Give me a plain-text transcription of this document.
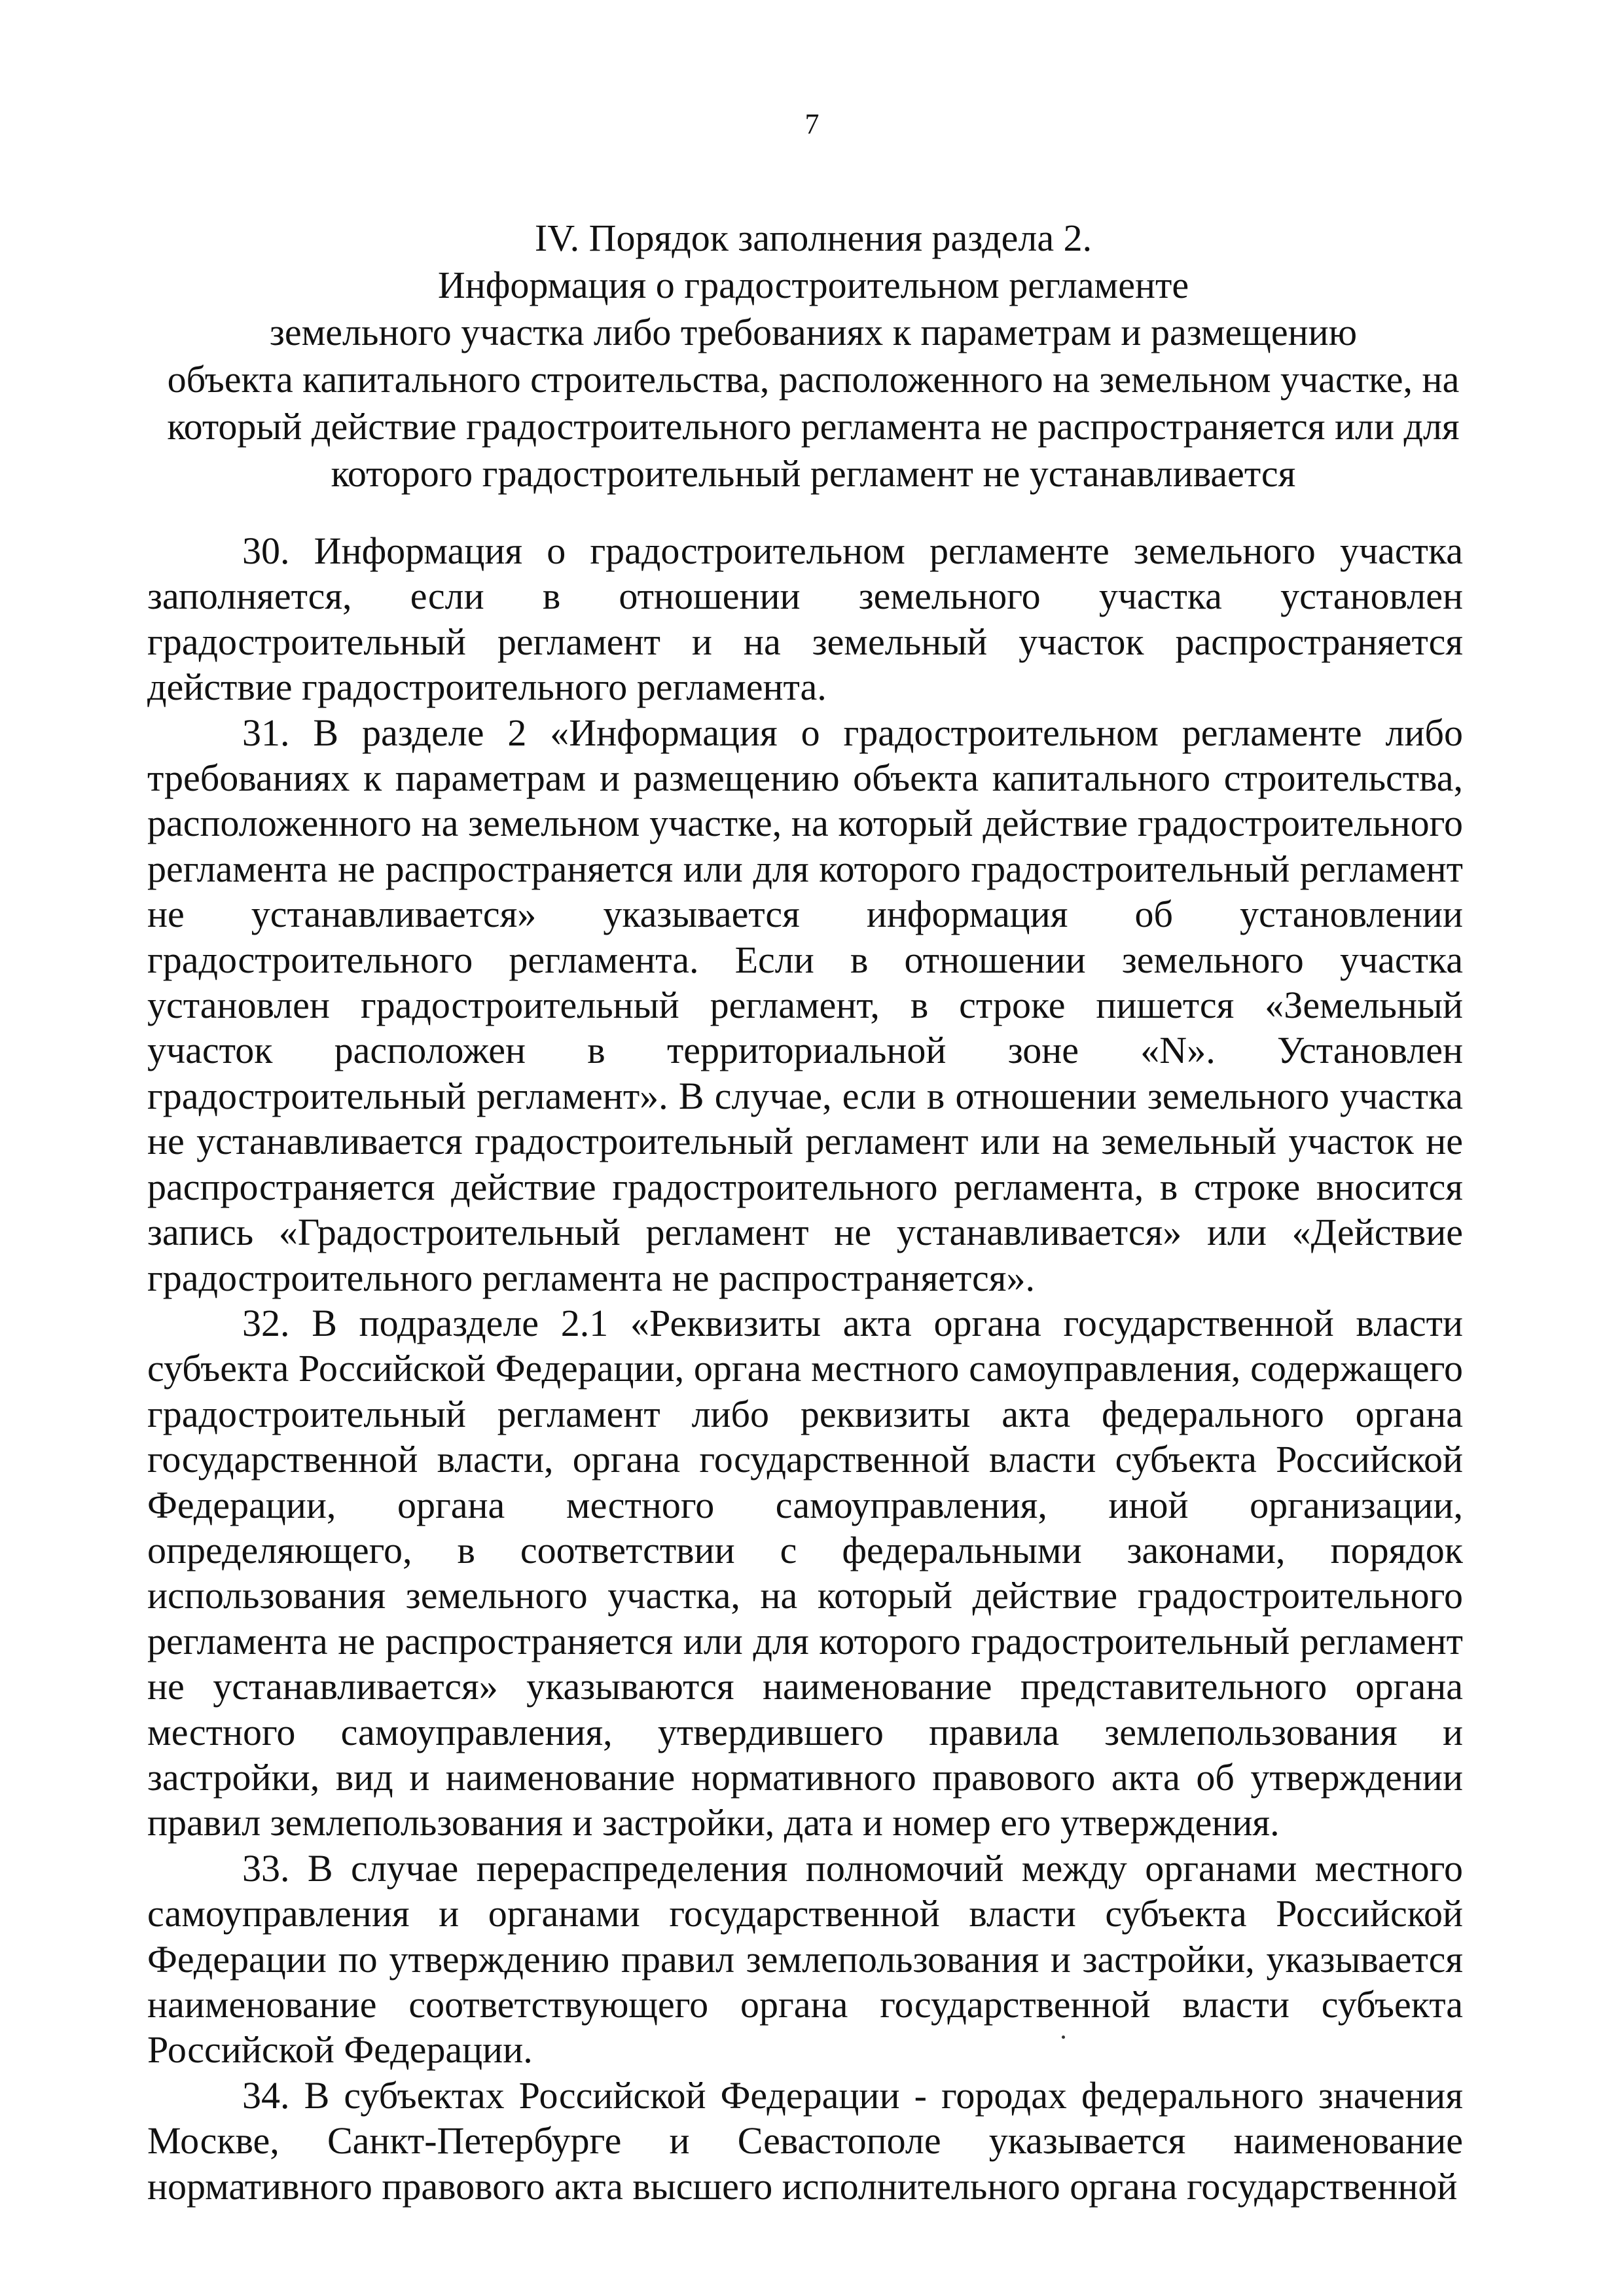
7
IV. Порядок заполнения раздела 2.
Информация о градостроительном регламенте
земельного участка либо требованиях к параметрам и размещению
объекта капитального строительства, расположенного на земельном участке, на
который действие градостроительного регламента не распространяется или для
которого градостроительный регламент не устанавливается

30. Информация о градостроительном регламенте земельного участка заполняется, если в отношении земельного участка установлен градостроительный регламент и на земельный участок распространяется действие градостроительного регламента.

31. В разделе 2 «Информация о градостроительном регламенте либо требованиях к параметрам и размещению объекта капитального строительства, расположенного на земельном участке, на который действие градостроительного регламента не распространяется или для которого градостроительный регламент не устанавливается» указывается информация об установлении градостроительного регламента. Если в отношении земельного участка установлен градостроительный регламент, в строке пишется «Земельный участок расположен в территориальной зоне «N». Установлен градостроительный регламент». В случае, если в отношении земельного участка не устанавливается градостроительный регламент или на земельный участок не распространяется действие градостроительного регламента, в строке вносится запись «Градостроительный регламент не устанавливается» или «Действие градостроительного регламента не распространяется».

32. В подразделе 2.1 «Реквизиты акта органа государственной власти субъекта Российской Федерации, органа местного самоуправления, содержащего градостроительный регламент либо реквизиты акта федерального органа государственной власти, органа государственной власти субъекта Российской Федерации, органа местного самоуправления, иной организации, определяющего, в соответствии с федеральными законами, порядок использования земельного участка, на который действие градостроительного регламента не распространяется или для которого градостроительный регламент не устанавливается» указываются наименование представительного органа местного самоуправления, утвердившего правила землепользования и застройки, вид и наименование нормативного правового акта об утверждении правил землепользования и застройки, дата и номер его утверждения.

33. В случае перераспределения полномочий между органами местного самоуправления и органами государственной власти субъекта Российской Федерации по утверждению правил землепользования и застройки, указывается наименование соответствующего органа государственной власти субъекта Российской Федерации.

34. В субъектах Российской Федерации - городах федерального значения Москве, Санкт-Петербурге и Севастополе указывается наименование нормативного правового акта высшего исполнительного органа государственной
